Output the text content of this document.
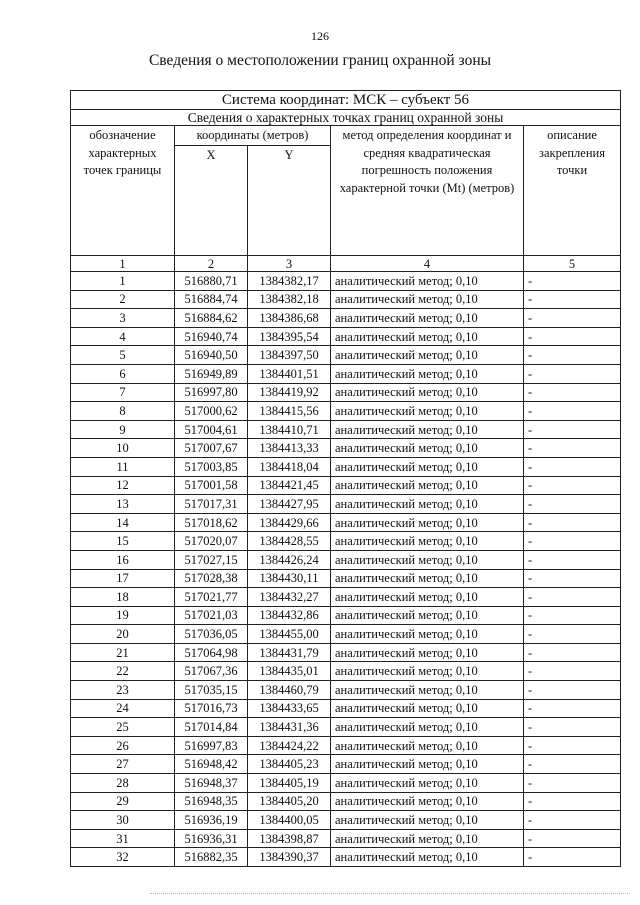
126
Сведения о местоположении границ охранной зоны
Система координат: МСК – субъект 56				
Сведения о характерных точках границ охранной зоны				
обозначение характерных точек границы	координаты (метров)		метод определения координат и средняя квадратическая погрешность положения характерной точки (Mt) (метров)	описание закрепления точки
	X	Y		
1	2	3	4	5
1	516880,71	1384382,17	аналитический метод; 0,10	-
2	516884,74	1384382,18	аналитический метод; 0,10	-
3	516884,62	1384386,68	аналитический метод; 0,10	-
4	516940,74	1384395,54	аналитический метод; 0,10	-
5	516940,50	1384397,50	аналитический метод; 0,10	-
6	516949,89	1384401,51	аналитический метод; 0,10	-
7	516997,80	1384419,92	аналитический метод; 0,10	-
8	517000,62	1384415,56	аналитический метод; 0,10	-
9	517004,61	1384410,71	аналитический метод; 0,10	-
10	517007,67	1384413,33	аналитический метод; 0,10	-
11	517003,85	1384418,04	аналитический метод; 0,10	-
12	517001,58	1384421,45	аналитический метод; 0,10	-
13	517017,31	1384427,95	аналитический метод; 0,10	-
14	517018,62	1384429,66	аналитический метод; 0,10	-
15	517020,07	1384428,55	аналитический метод; 0,10	-
16	517027,15	1384426,24	аналитический метод; 0,10	-
17	517028,38	1384430,11	аналитический метод; 0,10	-
18	517021,77	1384432,27	аналитический метод; 0,10	-
19	517021,03	1384432,86	аналитический метод; 0,10	-
20	517036,05	1384455,00	аналитический метод; 0,10	-
21	517064,98	1384431,79	аналитический метод; 0,10	-
22	517067,36	1384435,01	аналитический метод; 0,10	-
23	517035,15	1384460,79	аналитический метод; 0,10	-
24	517016,73	1384433,65	аналитический метод; 0,10	-
25	517014,84	1384431,36	аналитический метод; 0,10	-
26	516997,83	1384424,22	аналитический метод; 0,10	-
27	516948,42	1384405,23	аналитический метод; 0,10	-
28	516948,37	1384405,19	аналитический метод; 0,10	-
29	516948,35	1384405,20	аналитический метод; 0,10	-
30	516936,19	1384400,05	аналитический метод; 0,10	-
31	516936,31	1384398,87	аналитический метод; 0,10	-
32	516882,35	1384390,37	аналитический метод; 0,10	-
